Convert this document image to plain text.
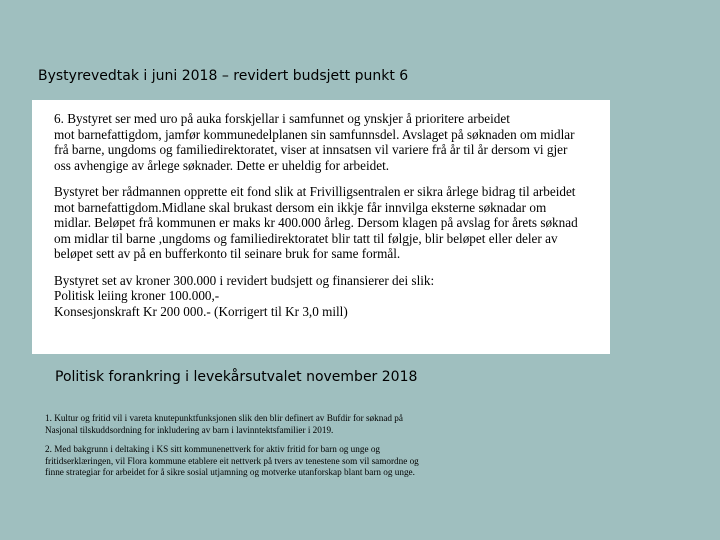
Bystyrevedtak i juni 2018 – revidert budsjett punkt 6
6. Bystyret ser med uro på auka forskjellar i samfunnet og ynskjer å prioritere arbeidet
mot barnefattigdom, jamfør kommunedelplanen sin samfunnsdel. Avslaget på søknaden om midlar
frå barne, ungdoms og familiedirektoratet, viser at innsatsen vil variere frå år til år dersom vi gjer
oss avhengige av årlege søknader. Dette er uheldig for arbeidet.
Bystyret ber rådmannen opprette eit fond slik at Frivilligsentralen er sikra årlege bidrag til arbeidet
mot barnefattigdom.Midlane skal brukast dersom ein ikkje får innvilga eksterne søknadar om
midlar. Beløpet frå kommunen er maks kr 400.000 årleg. Dersom klagen på avslag for årets søknad
om midlar til barne ,ungdoms og familiedirektoratet blir tatt til følgje, blir beløpet eller deler av
beløpet sett av på en bufferkonto til seinare bruk for same formål.
Bystyret set av kroner 300.000 i revidert budsjett og finansierer dei slik:
Politisk leiing kroner 100.000,-
Konsesjonskraft Kr 200 000.- (Korrigert til Kr 3,0 mill)
Politisk forankring i levekårsutvalet november 2018
1. Kultur og fritid vil i vareta knutepunktfunksjonen slik den blir definert av Bufdir for søknad på
Nasjonal tilskuddsordning for inkludering av barn i lavinntektsfamilier i 2019.
2. Med bakgrunn i deltaking i KS sitt kommunenettverk for aktiv fritid for barn og unge og
fritidserklæringen, vil Flora kommune etablere eit nettverk på tvers av tenestene som vil samordne og
finne strategiar for arbeidet for å sikre sosial utjamning og motverke utanforskap blant barn og unge.
